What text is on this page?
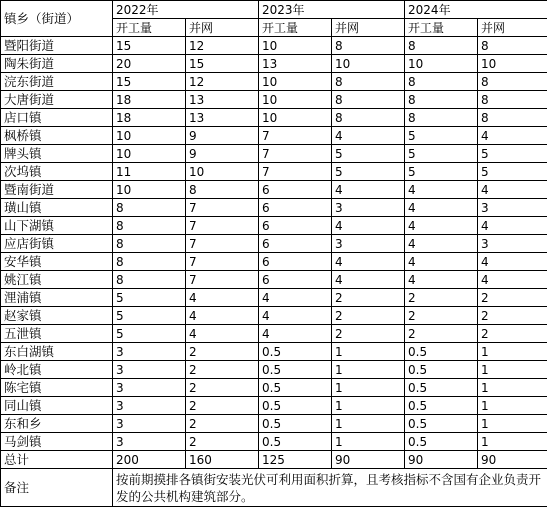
镇乡（街道）	2022年		2023年		2024年	
	开工量	并网	开工量	并网	开工量	并网
暨阳街道	15	12	10	8	8	8
陶朱街道	20	15	13	10	10	10
浣东街道	15	12	10	8	8	8
大唐街道	18	13	10	8	8	8
店口镇	18	13	10	8	8	8
枫桥镇	10	9	7	4	5	4
牌头镇	10	9	7	5	5	5
次坞镇	11	10	7	5	5	5
暨南街道	10	8	6	4	4	4
璜山镇	8	7	6	3	4	3
山下湖镇	8	7	6	4	4	4
应店街镇	8	7	6	3	4	3
安华镇	8	7	6	4	4	4
姚江镇	8	7	6	4	4	4
浬浦镇	5	4	4	2	2	2
赵家镇	5	4	4	2	2	2
五泄镇	5	4	4	2	2	2
东白湖镇	3	2	0.5	1	0.5	1
岭北镇	3	2	0.5	1	0.5	1
陈宅镇	3	2	0.5	1	0.5	1
同山镇	3	2	0.5	1	0.5	1
东和乡	3	2	0.5	1	0.5	1
马剑镇	3	2	0.5	1	0.5	1
总计	200	160	125	90	90	90
备注	按前期摸排各镇街安装光伏可利用面积折算，且考核指标不含国有企业负责开发的公共机构建筑部分。					
